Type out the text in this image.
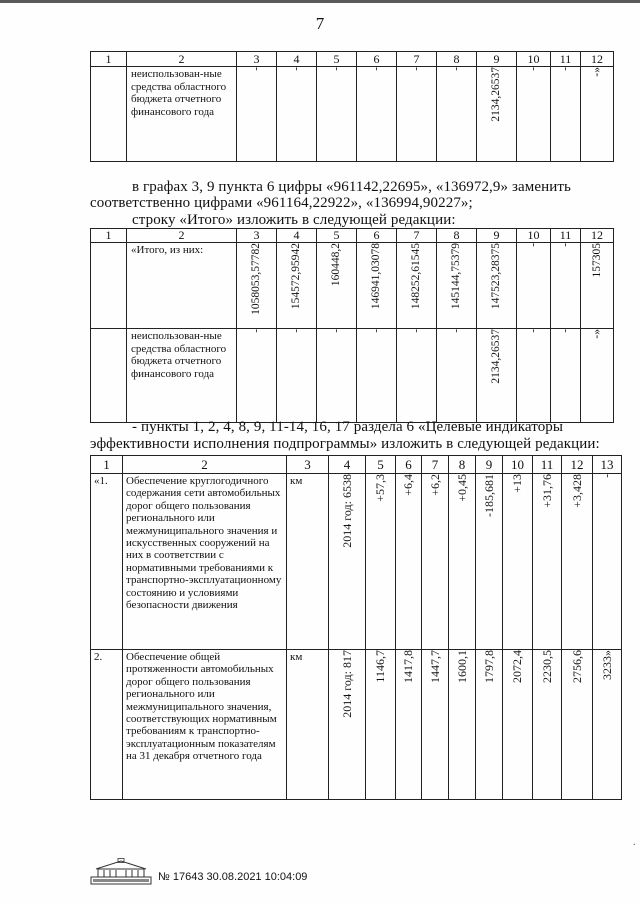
7
1	2	3	4	5	6	7	8	9	10	11	12
	неиспользован-ные средства областного бюджета отчетного финансового года	-	-	-	-	-	-	2134,26537	-	-	-»
в графах 3, 9 пункта 6 цифры «961142,22695», «136972,9» заменить
соответственно цифрами «961164,22922», «136994,90227»;
строку «Итого» изложить в следующей редакции:
1	2	3	4	5	6	7	8	9	10	11	12
	«Итого, из них:	1058053,57782	154572,95942	160448,2	146941,03078	148252,61545	145144,75379	147523,28375	-	-	157305

	неиспользован-ные средства областного бюджета отчетного финансового года	-	-	-	-	-	-	2134,26537	-	-	-»
- пункты 1, 2, 4, 8, 9, 11-14, 16, 17 раздела 6 «Целевые индикаторы
эффективности исполнения подпрограммы» изложить в следующей редакции:
1	2	3	4	5	6	7	8	9	10	11	12	13
«1.	Обеспечение круглогодичного содержания сети автомобильных дорог общего пользования регионального или межмуниципального значения и искусственных сооружений на них в соответствии с нормативными требованиями к транспортно-эксплуатационному состоянию и условиями безопасности движения	км	2014 год: 6538	+57,3	+6,4	+6,2	+0,45	-185,681	+13	+31,76	+3,428	-

2.	Обеспечение общей протяженности автомобильных дорог общего пользования регионального или межмуниципального значения, соответствующих нормативным требованиям к транспортно-эксплуатационным показателям на 31 декабря отчетного года	км	2014 год: 817	1146,7	1417,8	1447,7	1600,1	1797,8	2072,4	2230,5	2756,6	3233»
№ 17643 30.08.2021 10:04:09
·
